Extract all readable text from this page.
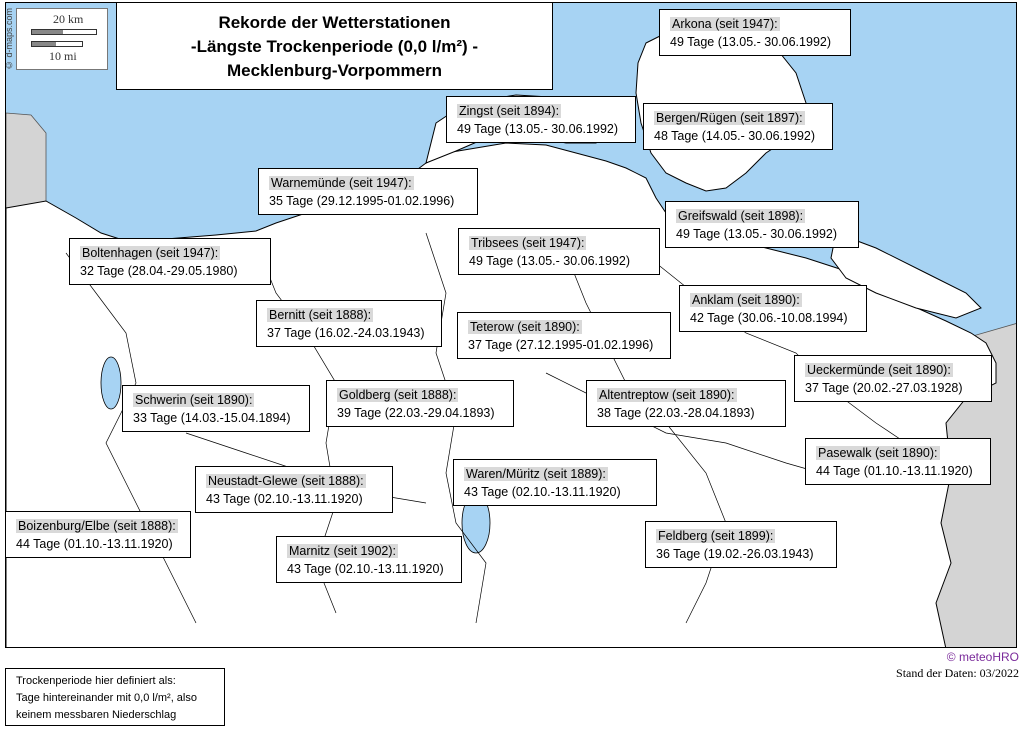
© d-maps.com	20 km
10 mi
Rekorde der Wetterstationen
-Längste Trockenperiode (0,0 l/m²) -
Mecklenburg-Vorpommern
Arkona (seit 1947):
49 Tage (13.05.- 30.06.1992)
Zingst (seit 1894):
49 Tage (13.05.- 30.06.1992)
Bergen/Rügen (seit 1897):
48 Tage (14.05.- 30.06.1992)
Warnemünde (seit 1947):
35 Tage (29.12.1995-01.02.1996)
Greifswald (seit 1898):
49 Tage (13.05.- 30.06.1992)
Boltenhagen (seit 1947):
32 Tage (28.04.-29.05.1980)
Tribsees (seit 1947):
49 Tage (13.05.- 30.06.1992)
Anklam (seit 1890):
42 Tage (30.06.-10.08.1994)
Bernitt (seit 1888):
37 Tage (16.02.-24.03.1943)	Teterow (seit 1890):
37 Tage (27.12.1995-01.02.1996)
Ueckermünde (seit 1890):
37 Tage (20.02.-27.03.1928)
Schwerin (seit 1890):
33 Tage (14.03.-15.04.1894)
Goldberg (seit 1888):
39 Tage (22.03.-29.04.1893)
Altentreptow (seit 1890):
38 Tage (22.03.-28.04.1893)
Pasewalk (seit 1890):
44 Tage (01.10.-13.11.1920)
Neustadt-Glewe (seit 1888):
43 Tage (02.10.-13.11.1920)
Waren/Müritz (seit 1889):
43 Tage (02.10.-13.11.1920)
Boizenburg/Elbe (seit 1888):
44 Tage (01.10.-13.11.1920)
Feldberg (seit 1899):
36 Tage (19.02.-26.03.1943)
Marnitz (seit 1902):
43 Tage (02.10.-13.11.1920)
Trockenperiode hier definiert als:
Tage hintereinander mit 0,0 l/m², also
keinem messbaren Niederschlag
© meteoHRO
Stand der Daten: 03/2022
